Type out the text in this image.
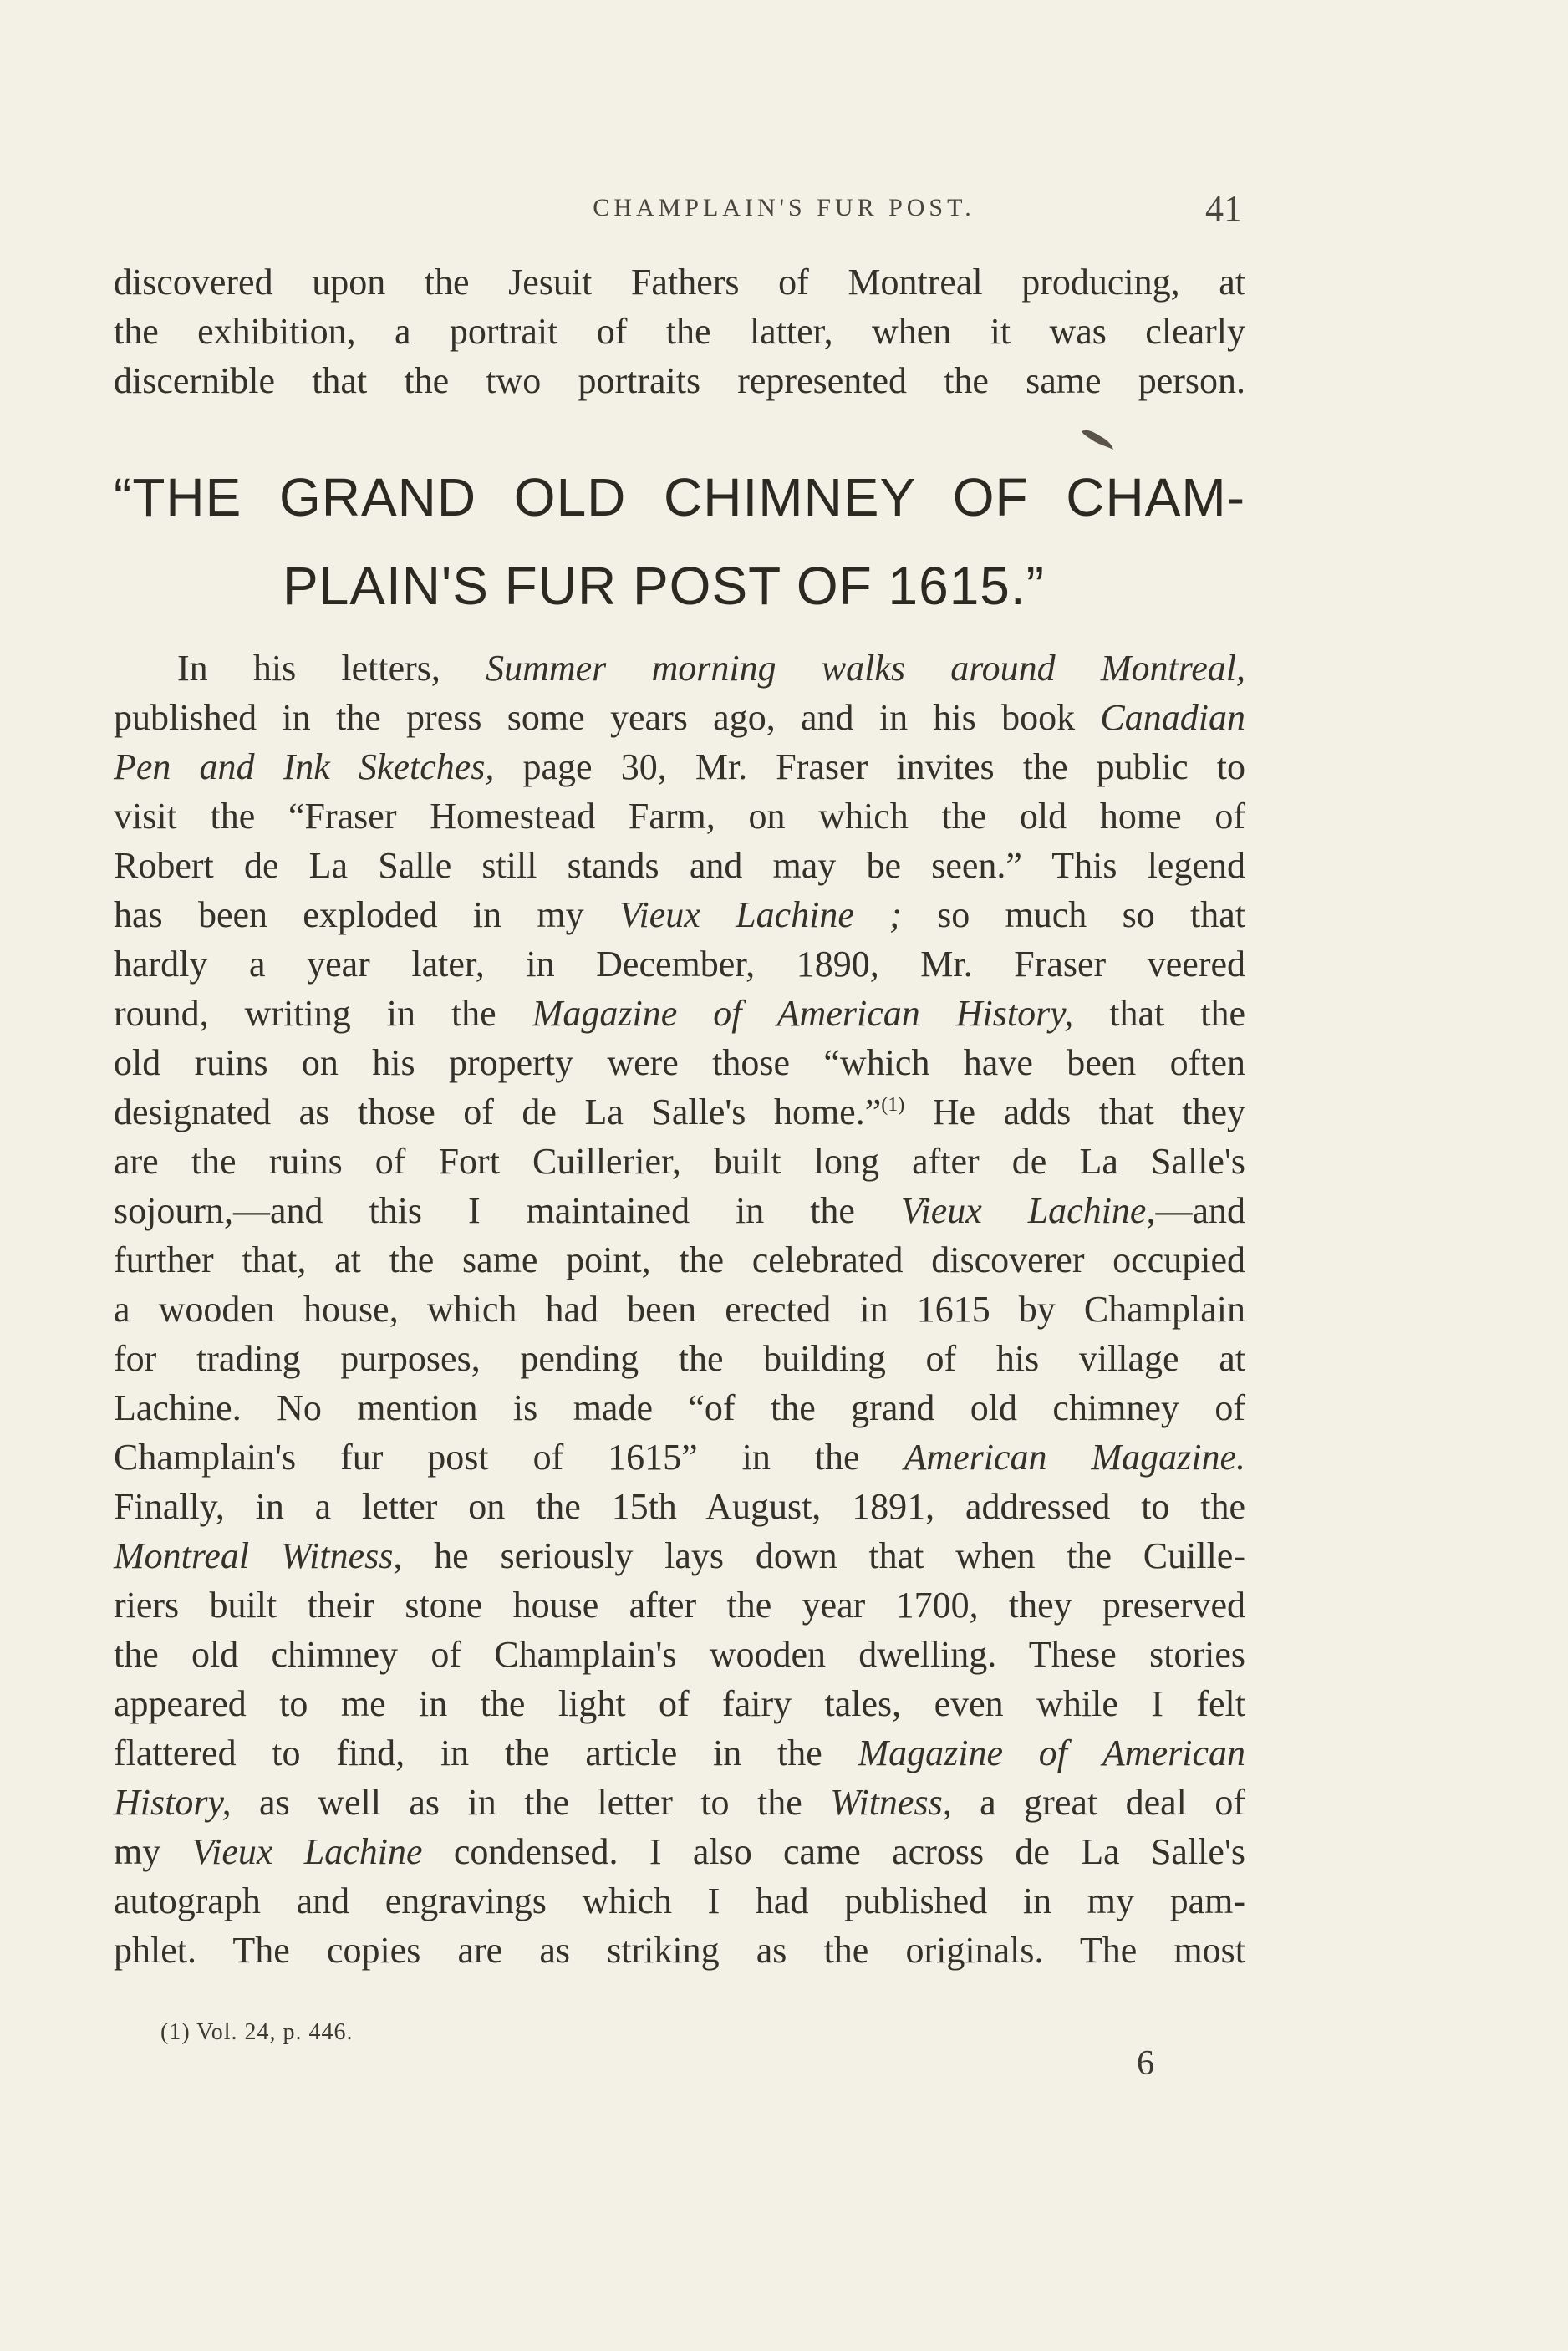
CHAMPLAIN'S FUR POST.	41
discovered upon the Jesuit Fathers of Montreal producing, at
the exhibition, a portrait of the latter, when it was clearly
discernible that the two portraits represented the same person.
“THE GRAND OLD CHIMNEY OF CHAM-
PLAIN'S FUR POST OF 1615.”
In his letters, Summer morning walks around Montreal,
published in the press some years ago, and in his book Canadian
Pen and Ink Sketches, page 30, Mr. Fraser invites the public to
visit the “Fraser Homestead Farm, on which the old home of
Robert de La Salle still stands and may be seen.” This legend
has been exploded in my Vieux Lachine ; so much so that
hardly a year later, in December, 1890, Mr. Fraser veered
round, writing in the Magazine of American History, that the
old ruins on his property were those “which have been often
designated as those of de La Salle's home.”$^{(1)}$ He adds that they
are the ruins of Fort Cuillerier, built long after de La Salle's
sojourn,—and this I maintained in the Vieux Lachine,—and
further that, at the same point, the celebrated discoverer occupied
a wooden house, which had been erected in 1615 by Champlain
for trading purposes, pending the building of his village at
Lachine. No mention is made “of the grand old chimney of
Champlain's fur post of 1615” in the American Magazine.
Finally, in a letter on the 15th August, 1891, addressed to the
Montreal Witness, he seriously lays down that when the Cuille-
riers built their stone house after the year 1700, they preserved
the old chimney of Champlain's wooden dwelling. These stories
appeared to me in the light of fairy tales, even while I felt
flattered to find, in the article in the Magazine of American
History, as well as in the letter to the Witness, a great deal of
my Vieux Lachine condensed. I also came across de La Salle's
autograph and engravings which I had published in my pam-
phlet. The copies are as striking as the originals. The most
(1) Vol. 24, p. 446.
6
